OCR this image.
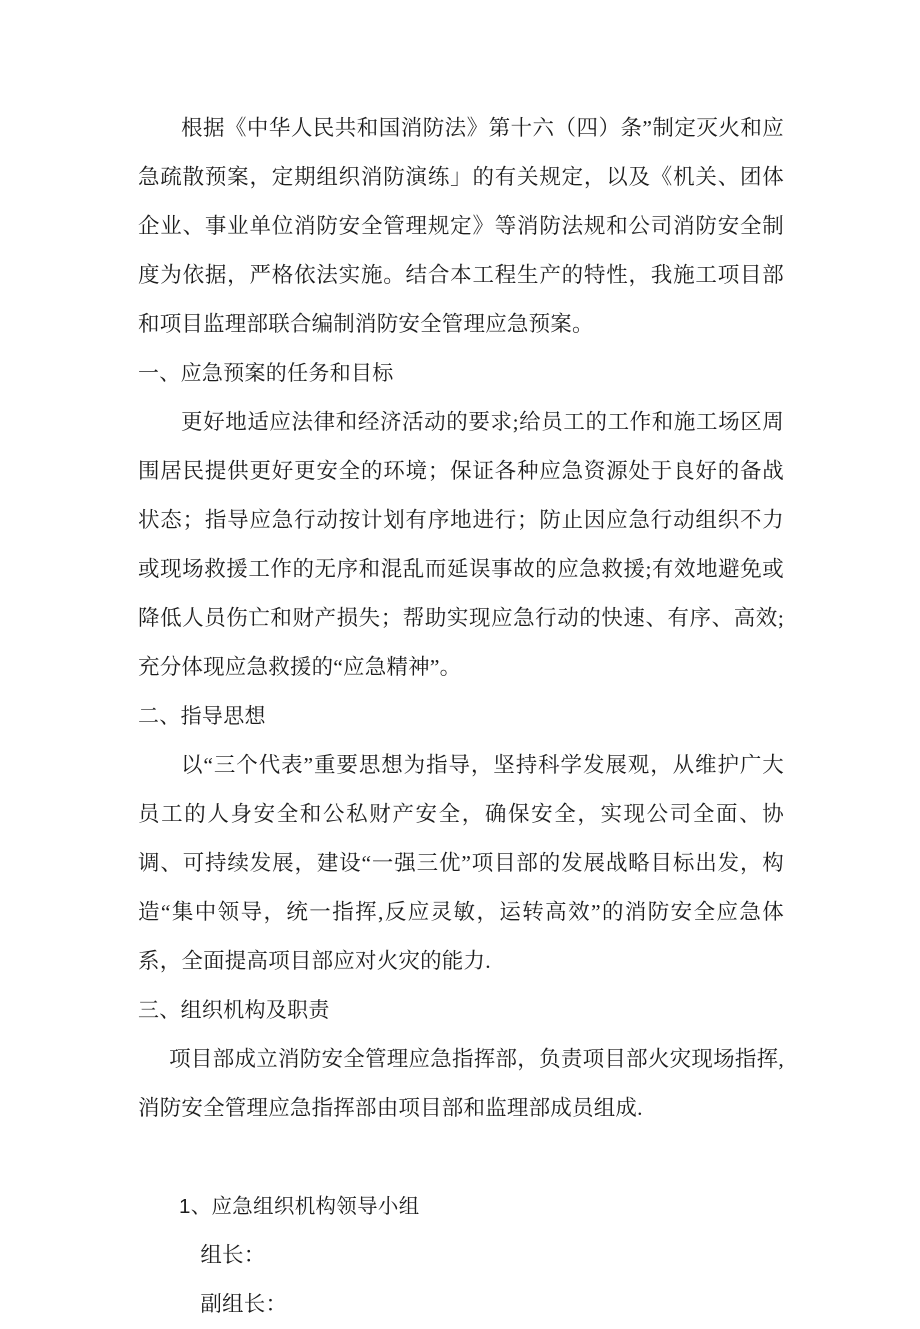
根据《中华人民共和国消防法》第十六（四）条”制定灭火和应急疏散预案，定期组织消防演练」的有关规定，以及《机关、团体企业、事业单位消防安全管理规定》等消防法规和公司消防安全制度为依据，严格依法实施。结合本工程生产的特性，我施工项目部和项目监理部联合编制消防安全管理应急预案。

一、应急预案的任务和目标

更好地适应法律和经济活动的要求;给员工的工作和施工场区周围居民提供更好更安全的环境；保证各种应急资源处于良好的备战状态；指导应急行动按计划有序地进行；防止因应急行动组织不力或现场救援工作的无序和混乱而延误事故的应急救援;有效地避免或降低人员伤亡和财产损失；帮助实现应急行动的快速、有序、高效;充分体现应急救援的“应急精神”。

二、指导思想

以“三个代表”重要思想为指导，坚持科学发展观，从维护广大员工的人身安全和公私财产安全，确保安全，实现公司全面、协调、可持续发展，建设“一强三优”项目部的发展战略目标出发，构造“集中领导，统一指挥,反应灵敏，运转高效”的消防安全应急体系，全面提高项目部应对火灾的能力.

三、组织机构及职责

项目部成立消防安全管理应急指挥部，负责项目部火灾现场指挥,消防安全管理应急指挥部由项目部和监理部成员组成.

1、应急组织机构领导小组

组长：

副组长：
